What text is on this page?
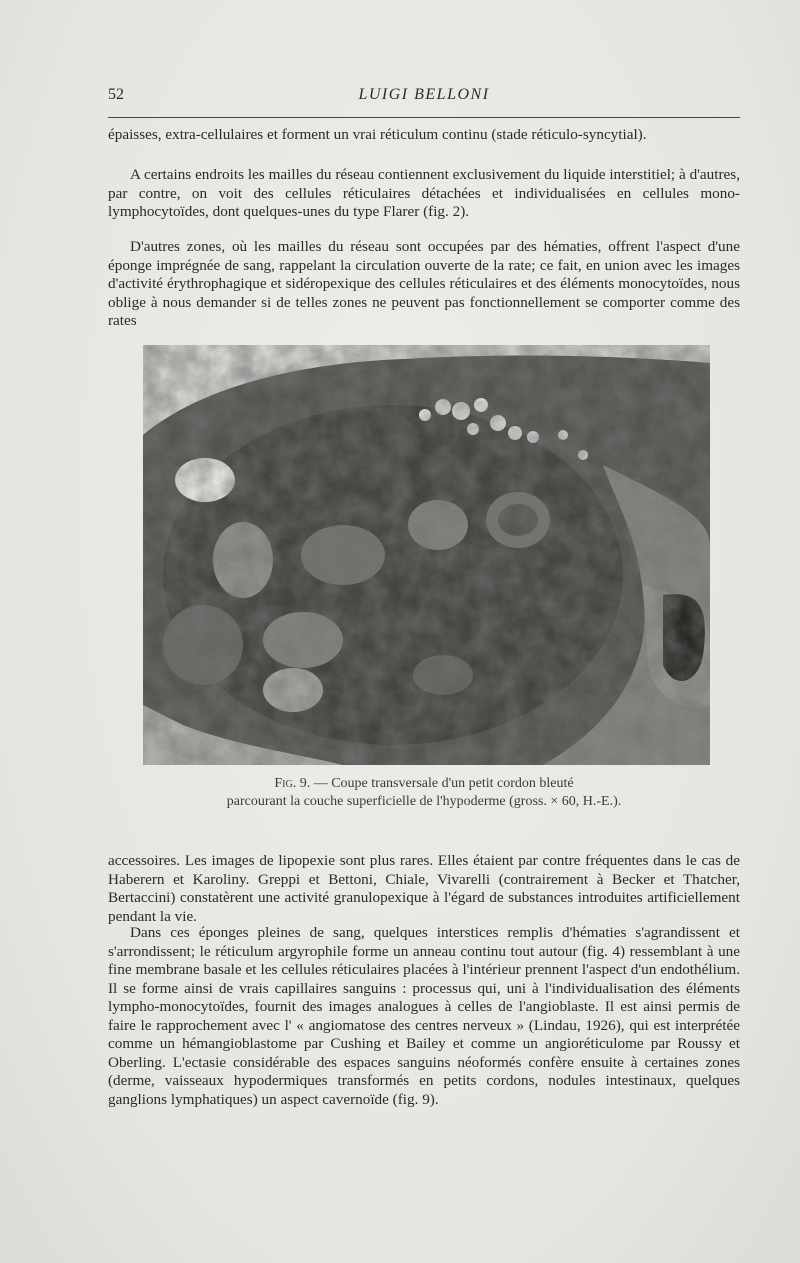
52	LUIGI BELLONI
épaisses, extra-cellulaires et forment un vrai réticulum continu (stade réticulo-syncytial).
A certains endroits les mailles du réseau contiennent exclusivement du liquide interstitiel; à d'autres, par contre, on voit des cellules réticulaires détachées et individualisées en cellules mono-lymphocytoïdes, dont quelques-unes du type Flarer (fig. 2).
D'autres zones, où les mailles du réseau sont occupées par des hématies, offrent l'aspect d'une éponge imprégnée de sang, rappelant la circulation ouverte de la rate; ce fait, en union avec les images d'activité érythrophagique et sidéropexique des cellules réticulaires et des éléments monocytoïdes, nous oblige à nous demander si de telles zones ne peuvent pas fonctionnellement se comporter comme des rates
Fig. 9. — Coupe transversale d'un petit cordon bleuté
parcourant la couche superficielle de l'hypoderme (gross. × 60, H.-E.).
accessoires. Les images de lipopexie sont plus rares. Elles étaient par contre fréquentes dans le cas de Haberern et Karoliny. Greppi et Bettoni, Chiale, Vivarelli (contrairement à Becker et Thatcher, Bertaccini) constatèrent une activité granulopexique à l'égard de substances introduites artificiellement pendant la vie.
Dans ces éponges pleines de sang, quelques interstices remplis d'hématies s'agrandissent et s'arrondissent; le réticulum argyrophile forme un anneau continu tout autour (fig. 4) ressemblant à une fine membrane basale et les cellules réticulaires placées à l'intérieur prennent l'aspect d'un endothélium. Il se forme ainsi de vrais capillaires sanguins : processus qui, uni à l'individualisation des éléments lympho-monocytoïdes, fournit des images analogues à celles de l'angioblaste. Il est ainsi permis de faire le rapprochement avec l' « angiomatose des centres nerveux » (Lindau, 1926), qui est interprétée comme un hémangioblastome par Cushing et Bailey et comme un angioréticulome par Roussy et Oberling. L'ectasie considérable des espaces sanguins néoformés confère ensuite à certaines zones (derme, vaisseaux hypodermiques transformés en petits cordons, nodules intestinaux, quelques ganglions lymphatiques) un aspect cavernoïde (fig. 9).
